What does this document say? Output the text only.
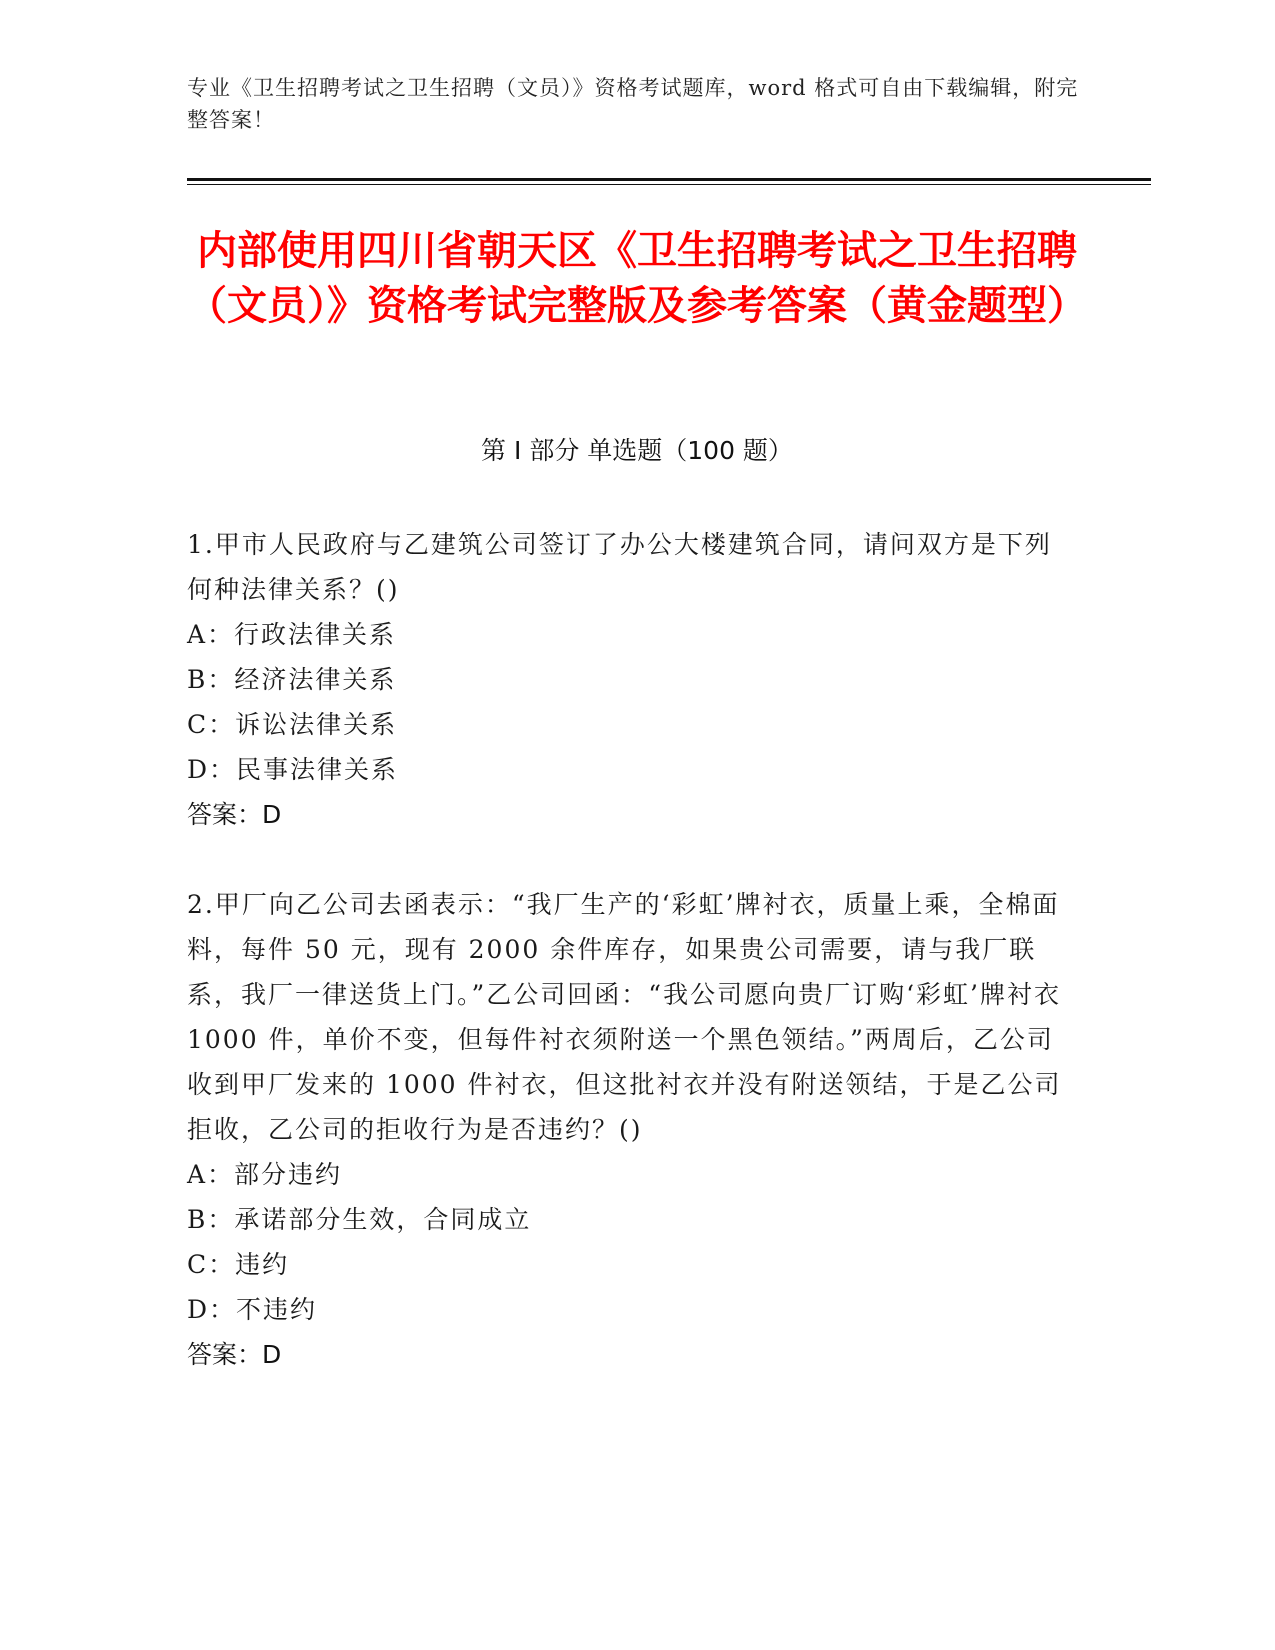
专业《卫生招聘考试之卫生招聘（文员）》资格考试题库，word 格式可自由下载编辑，附完整答案！
内部使用四川省朝天区《卫生招聘考试之卫生招聘（文员）》资格考试完整版及参考答案（黄金题型）
第 I 部分 单选题（100 题）
1.甲市人民政府与乙建筑公司签订了办公大楼建筑合同，请问双方是下列何种法律关系？()
A：行政法律关系
B：经济法律关系
C：诉讼法律关系
D：民事法律关系
答案：D
2.甲厂向乙公司去函表示：“我厂生产的‘彩虹’牌衬衣，质量上乘，全棉面料，每件 50 元，现有 2000 余件库存，如果贵公司需要，请与我厂联系，我厂一律送货上门。”乙公司回函：“我公司愿向贵厂订购‘彩虹’牌衬衣 1000 件，单价不变，但每件衬衣须附送一个黑色领结。”两周后，乙公司收到甲厂发来的 1000 件衬衣，但这批衬衣并没有附送领结，于是乙公司拒收，乙公司的拒收行为是否违约？()
A：部分违约
B：承诺部分生效，合同成立
C：违约
D：不违约
答案：D
